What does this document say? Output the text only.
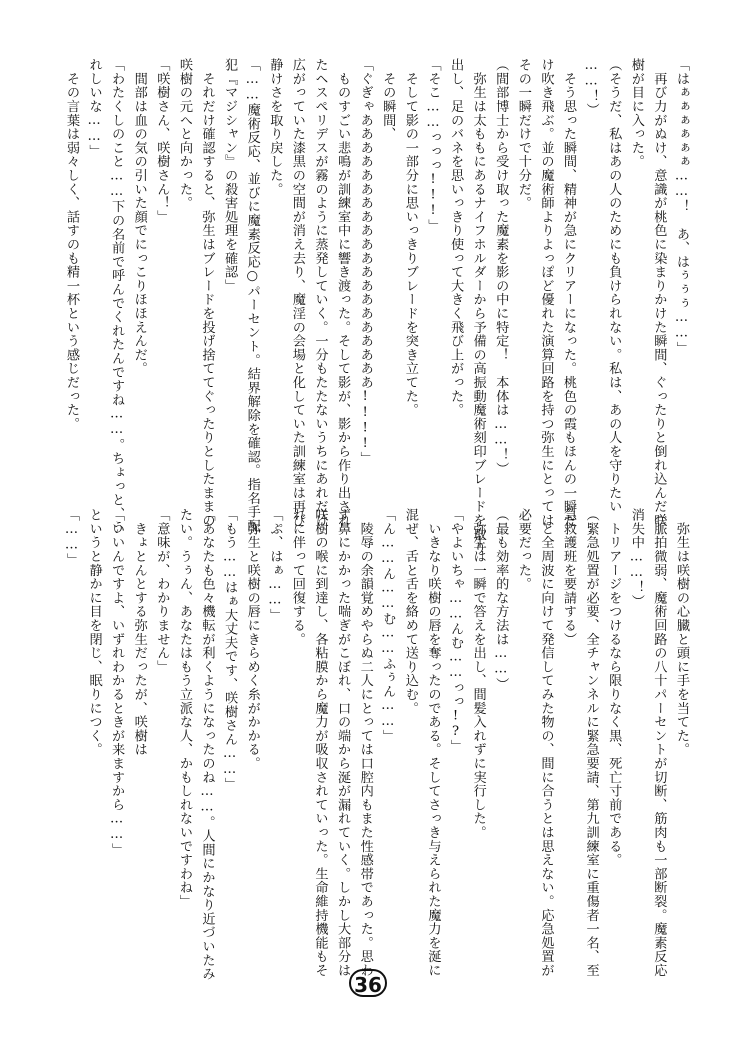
「はぁぁぁぁぁぁ……！　あ、はぅぅぅ……」
　再び力がぬけ、意識が桃色に染まりかけた瞬間、ぐったりと倒れ込んだ咲
樹が目に入った。
（そうだ、私はあの人のためにも負けられない。私は、あの人を守りたい
……！）
　そう思った瞬間、精神が急にクリアーになった。桃色の霞もほんの一瞬だ
け吹き飛ぶ。並の魔術師よりよっぽど優れた演算回路を持つ弥生にとっては
その一瞬だけで十分だ。
（間部博士から受け取った魔素を影の中に特定！　本体は……！）
　弥生は太ももにあるナイフホルダーから予備の高振動魔術刻印ブレードを取り
出し、足のバネを思いっきり使って大きく飛び上がった。
「そこ……っっっ!!!」
　そして影の一部分に思いっきりブレードを突き立てた。
　その瞬間、
「ぐぎゃああああああああああああああああああああ!!!!」
　ものすごい悲鳴が訓練室中に響き渡った。そして影が、影から作り出され
たヘスペリデスが霧のように蒸発していく。一分もたたないうちにあれだけ
広がっていた漆黒の空間が消え去り、魔淫の会場と化していた訓練室は再び
静けさを取り戻した。
「……魔術反応、並びに魔素反応○パーセント。結界解除を確認。指名手配
犯『マジシャン』の殺害処理を確認」
　それだけ確認すると、弥生はブレードを投げ捨ててぐったりとしたままの
咲樹の元へと向かった。
「咲樹さん、咲樹さん！」
　間部は血の気の引いた顔でにっこりほほえんだ。
「わたくしのこと……下の名前で呼んでくれたんですね……。ちょっと、う
れしいな……」
　その言葉は弱々しく、話すのも精一杯という感じだった。
　弥生は咲樹の心臓と頭に手を当てた。
（脈拍微弱、魔術回路の八十パーセントが切断、筋肉も一部断裂。魔素反応
消失中……！）
　トリアージをつけるなら限りなく黒、死亡寸前である。
（緊急処置が必要、全チャンネルに緊急要請、第九訓練室に重傷者一名、至
急救護班を要請する）
　と全周波に向けて発信してみた物の、間に合うとは思えない。応急処置が
必要だった。
（最も効率的な方法は……）
　弥生は一瞬で答えを出し、間髪入れずに実行した。
「やよいちゃ……んむ……っっ!?」
　いきなり咲樹の唇を奪ったのである。そしてさっき与えられた魔力を涎に
混ぜ、舌と舌を絡めて送り込む。
「ん……ん……む……ふぅん……」
　陵辱の余韻覚めやらぬ二人にとっては口腔内もまた性感帯であった。思わ
ず鼻にかかった喘ぎがこぼれ、口の端から涎が漏れていく。しかし大部分は
咲樹の喉に到達し、各粘膜から魔力が吸収されていった。生命維持機能もそ
れに伴って回復する。
「ぷ、はぁ……」
　弥生と咲樹の唇にきらめく糸がかかる。
「もう……はぁ大丈夫です、咲樹さん……」
「あなたも色々機転が利くようになったのね……。人間にかなり近づいたみ
たい。うぅん、あなたはもう立派な人、かもしれないですわね」
「意味が、わかりません」
　きょとんとする弥生だったが、咲樹は
「いいんですよ、いずれわかるときが来ますから……」
というと静かに目を閉じ、眠りにつく。
「……」
36
